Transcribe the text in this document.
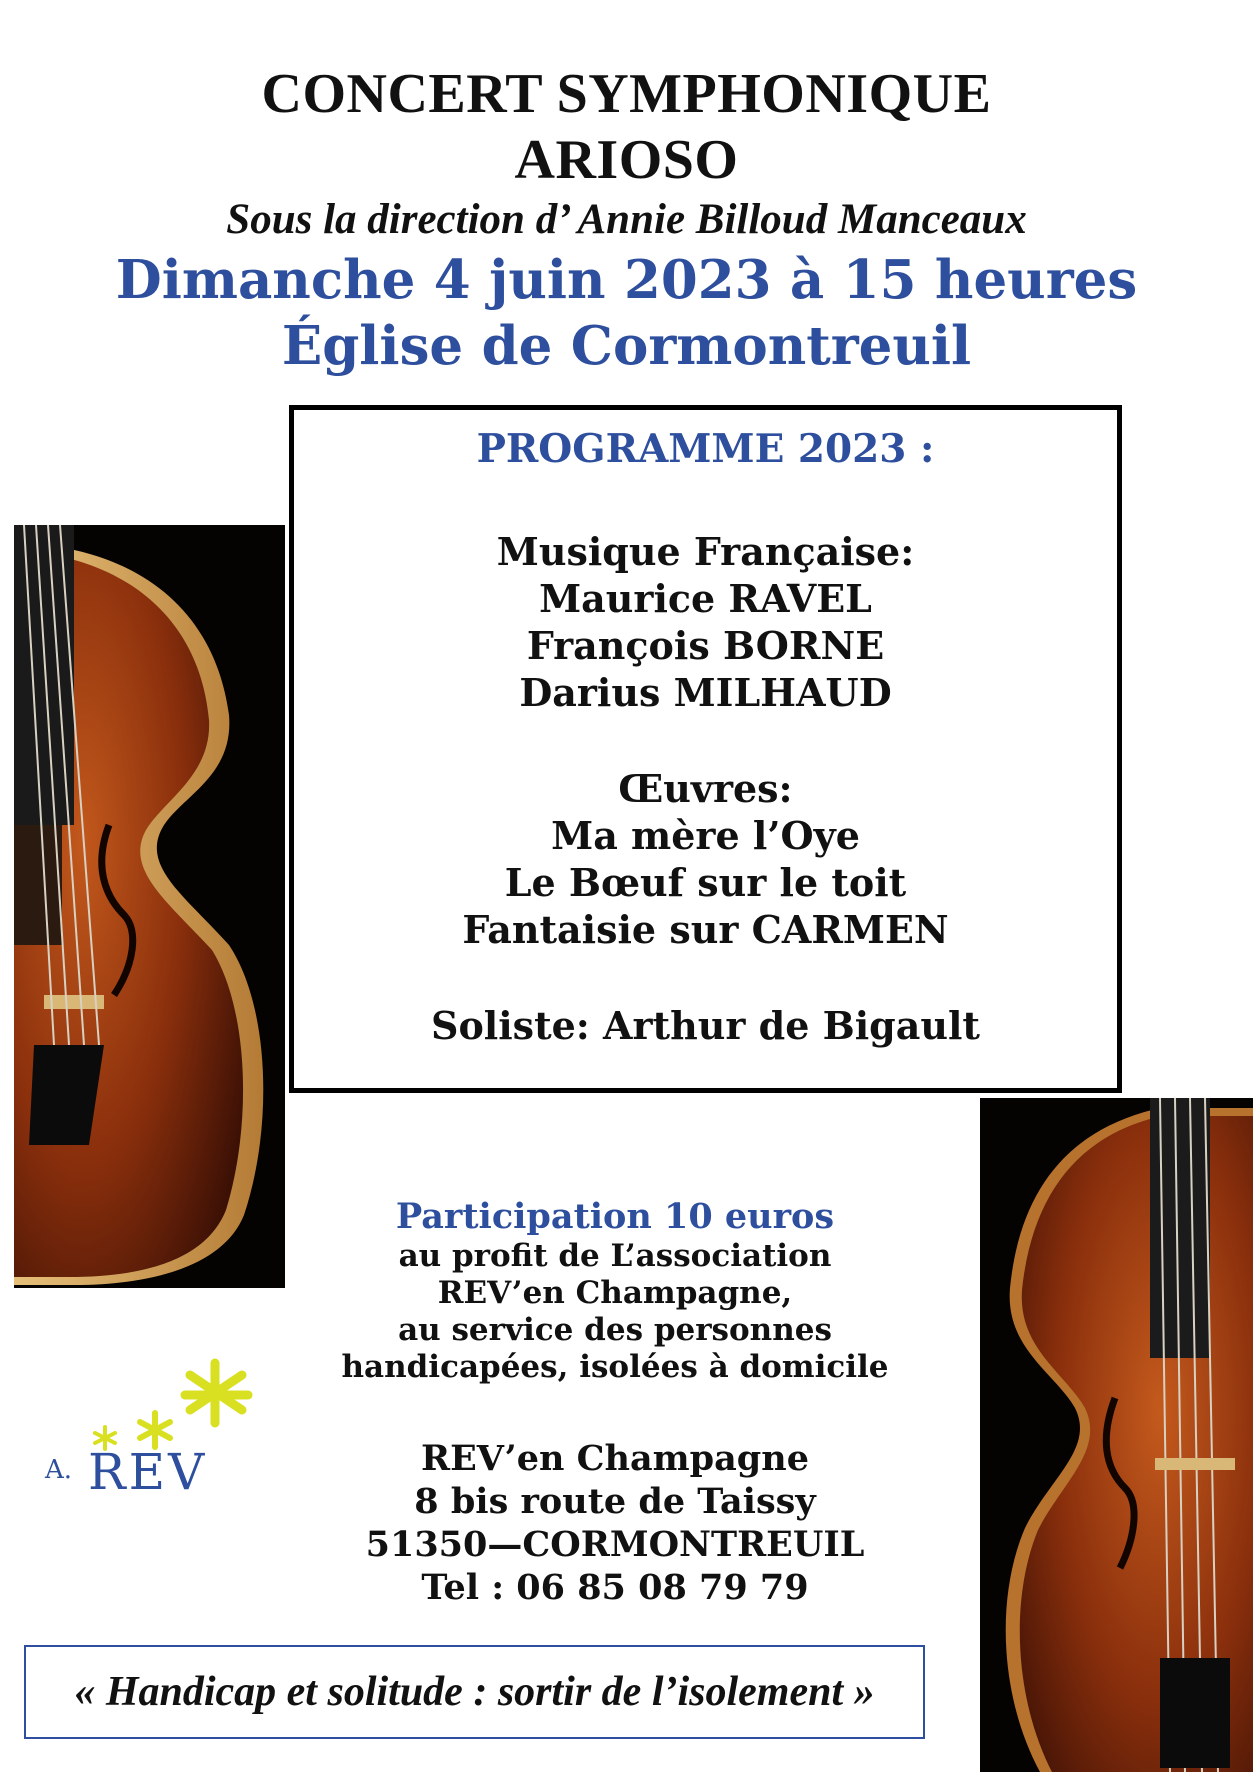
CONCERT SYMPHONIQUE
ARIOSO
Sous la direction d’ Annie Billoud Manceaux
Dimanche 4 juin 2023 à 15 heures
Église de Cormontreuil
PROGRAMME 2023 :

Musique Française:

Maurice RAVEL

François BORNE

Darius MILHAUD

Œuvres:

Ma mère l’Oye

Le Bœuf sur le toit

Fantaisie sur CARMEN

Soliste: Arthur de Bigault

Participation 10 euros

au profit de L’association

REV’en Champagne,

au service des personnes

handicapées, isolées à domicile

REV’en Champagne

8 bis route de Taissy

51350—CORMONTREUIL

Tel : 06 85 08 79 79

A. REV
« Handicap et solitude : sortir de l’isolement »
